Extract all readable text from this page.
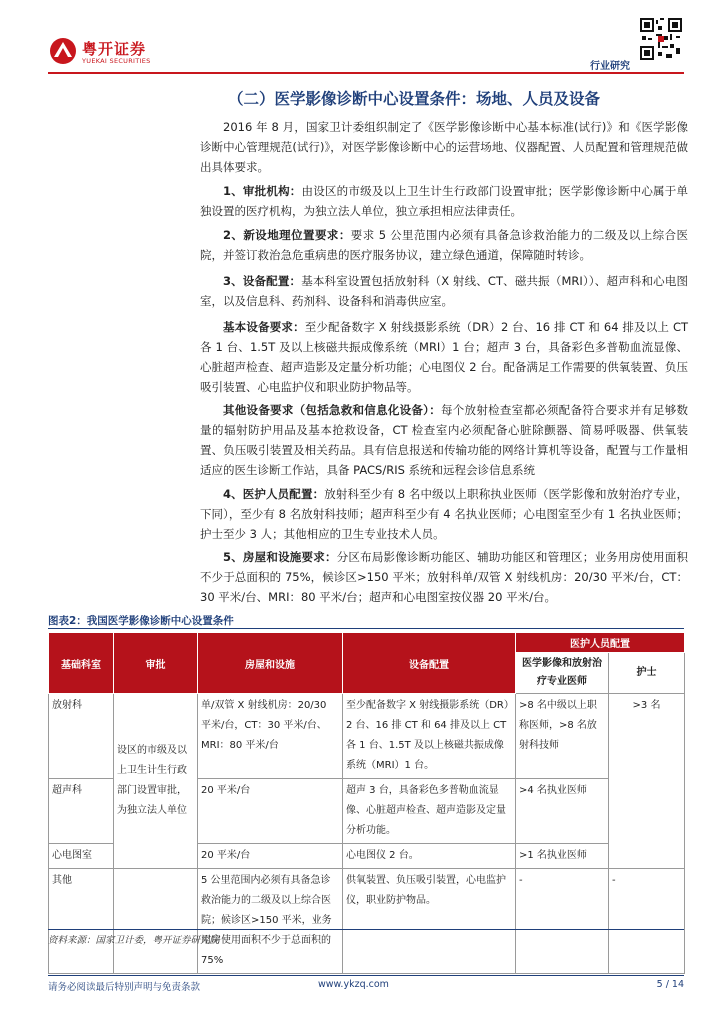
粤开证券
YUEKAI SECURITIES	行业研究
（二）医学影像诊断中心设置条件：场地、人员及设备

2016 年 8 月，国家卫计委组织制定了《医学影像诊断中心基本标准(试行)》和《医学影像诊断中心管理规范(试行)》，对医学影像诊断中心的运营场地、仪器配置、人员配置和管理规范做出具体要求。

1、审批机构：由设区的市级及以上卫生计生行政部门设置审批；医学影像诊断中心属于单独设置的医疗机构，为独立法人单位，独立承担相应法律责任。

2、新设地理位置要求：要求 5 公里范围内必须有具备急诊救治能力的二级及以上综合医院，并签订救治急危重病患的医疗服务协议，建立绿色通道，保障随时转诊。

3、设备配置：基本科室设置包括放射科（X 射线、CT、磁共振（MRI））、超声科和心电图室，以及信息科、药剂科、设备科和消毒供应室。

基本设备要求：至少配备数字 X 射线摄影系统（DR）2 台、16 排 CT 和 64 排及以上 CT 各 1 台、1.5T 及以上核磁共振成像系统（MRI）1 台；超声 3 台，具备彩色多普勒血流显像、心脏超声检查、超声造影及定量分析功能；心电图仪 2 台。配备满足工作需要的供氧装置、负压吸引装置、心电监护仪和职业防护物品等。

其他设备要求（包括急救和信息化设备）：每个放射检查室都必须配备符合要求并有足够数量的辐射防护用品及基本抢救设备，CT 检查室内必须配备心脏除颤器、简易呼吸器、供氧装置、负压吸引装置及相关药品。具有信息报送和传输功能的网络计算机等设备，配置与工作量相适应的医生诊断工作站，具备 PACS/RIS 系统和远程会诊信息系统

4、医护人员配置：放射科至少有 8 名中级以上职称执业医师（医学影像和放射治疗专业，下同），至少有 8 名放射科技师；超声科至少有 4 名执业医师；心电图室至少有 1 名执业医师；护士至少 3 人；其他相应的卫生专业技术人员。

5、房屋和设施要求：分区布局影像诊断功能区、辅助功能区和管理区；业务用房使用面积不少于总面积的 75%，候诊区>150 平米；放射科单/双管 X 射线机房：20/30 平米/台，CT：30 平米/台、MRI：80 平米/台；超声和心电图室按仪器 20 平米/台。

图表2：我国医学影像诊断中心设置条件
基础科室	审批	房屋和设施	设备配置	医护人员配置	
				医学影像和放射治疗专业医师	护士
放射科	设区的市级及以上卫生计生行政部门设置审批，为独立法人单位	单/双管 X 射线机房：20/30 平米/台，CT：30 平米/台、MRI：80 平米/台	至少配备数字 X 射线摄影系统（DR）2 台、16 排 CT 和 64 排及以上 CT 各 1 台、1.5T 及以上核磁共振成像系统（MRI）1 台。	>8 名中级以上职称医师，>8 名放射科技师	>3 名
超声科		20 平米/台	超声 3 台，具备彩色多普勒血流显像、心脏超声检查、超声造影及定量分析功能。	>4 名执业医师	
心电图室		20 平米/台	心电图仪 2 台。	>1 名执业医师	
其他		5 公里范围内必须有具备急诊救治能力的二级及以上综合医院；候诊区>150 平米，业务用房使用面积不少于总面积的 75%	供氧装置、负压吸引装置，心电监护仪，职业防护物品。	-	-
资料来源：国家卫计委，粤开证券研究院
请务必阅读最后特别声明与免责条款	www.ykzq.com	5 / 14
